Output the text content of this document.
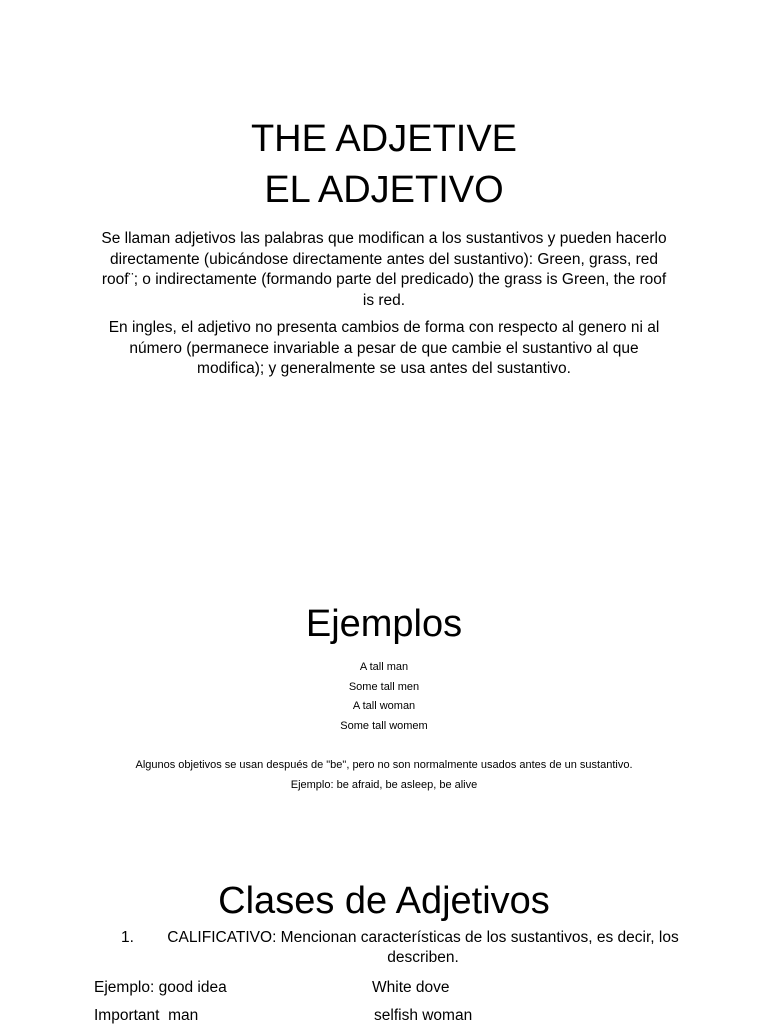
THE ADJETIVE
EL ADJETIVO

Se llaman adjetivos las palabras que modifican a los sustantivos y pueden hacerlo directamente (ubicándose directamente antes del sustantivo): Green, grass, red roof¨; o indirectamente (formando parte del predicado) the grass is Green, the roof is red.

En ingles, el adjetivo no presenta cambios de forma con respecto al genero ni al número (permanece invariable a pesar de que cambie el sustantivo al que modifica); y generalmente se usa antes del sustantivo.

Ejemplos
A tall man
Some tall men
A tall woman
Some tall womem
Algunos objetivos se usan después de "be", pero no son normalmente usados antes de un sustantivo.
Ejemplo: be afraid, be asleep, be alive
Clases de Adjetivos
1.	CALIFICATIVO: Mencionan características de los sustantivos, es decir, los describen.
Ejemplo: good idea	White dove
Important  man	selfish woman
